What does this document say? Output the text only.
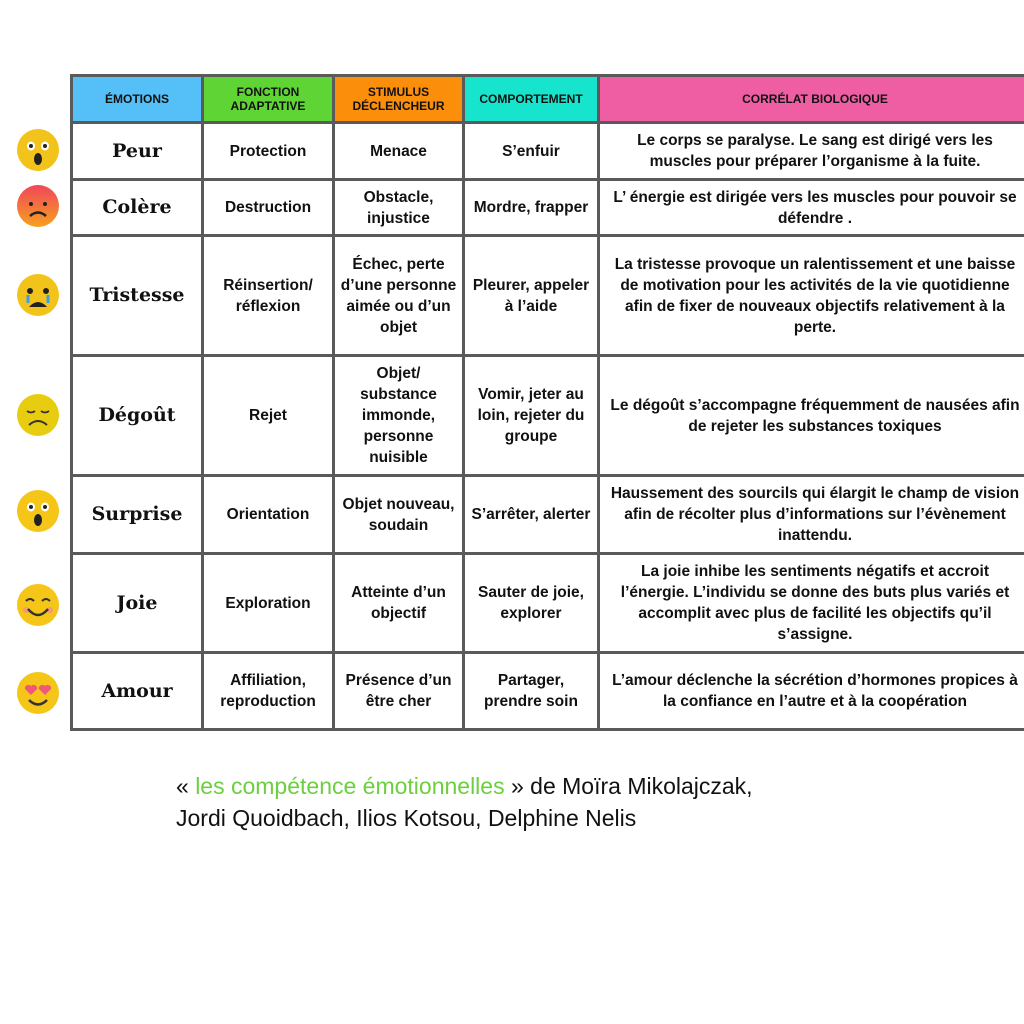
ÉMOTIONS	FONCTION ADAPTATIVE	STIMULUS DÉCLENCHEUR	COMPORTEMENT	CORRÉLAT BIOLOGIQUE
Peur	Protection	Menace	S’enfuir	Le corps se paralyse. Le sang est dirigé vers les muscles pour préparer l’organisme à la fuite.
Colère	Destruction	Obstacle, injustice	Mordre, frapper	L’ énergie est dirigée vers les muscles pour pouvoir se défendre .
Tristesse	Réinsertion/ réflexion	Échec, perte d’une personne aimée ou d’un objet	Pleurer, appeler à l’aide	La tristesse provoque un ralentissement et une baisse de motivation pour les activités de la vie quotidienne afin de fixer de nouveaux objectifs relativement à la perte.
Dégoût	Rejet	Objet/ substance immonde, personne nuisible	Vomir, jeter au loin, rejeter du groupe	Le dégoût s’accompagne fréquemment de nausées afin de rejeter les substances toxiques
Surprise	Orientation	Objet nouveau, soudain	S’arrêter, alerter	Haussement des sourcils qui élargit le champ de vision afin de récolter plus d’informations sur l’évènement inattendu.
Joie	Exploration	Atteinte d’un objectif	Sauter de joie, explorer	La joie inhibe les sentiments négatifs et accroit l’énergie. L’individu se donne des buts plus variés et accomplit avec plus de facilité les objectifs qu’il s’assigne.
Amour	Affiliation, reproduction	Présence d’un être cher	Partager, prendre soin	L’amour déclenche la sécrétion d’hormones propices à la confiance en l’autre et à la coopération
« les compétence émotionnelles » de Moïra Mikolajczak,
Jordi Quoidbach, Ilios Kotsou, Delphine Nelis
